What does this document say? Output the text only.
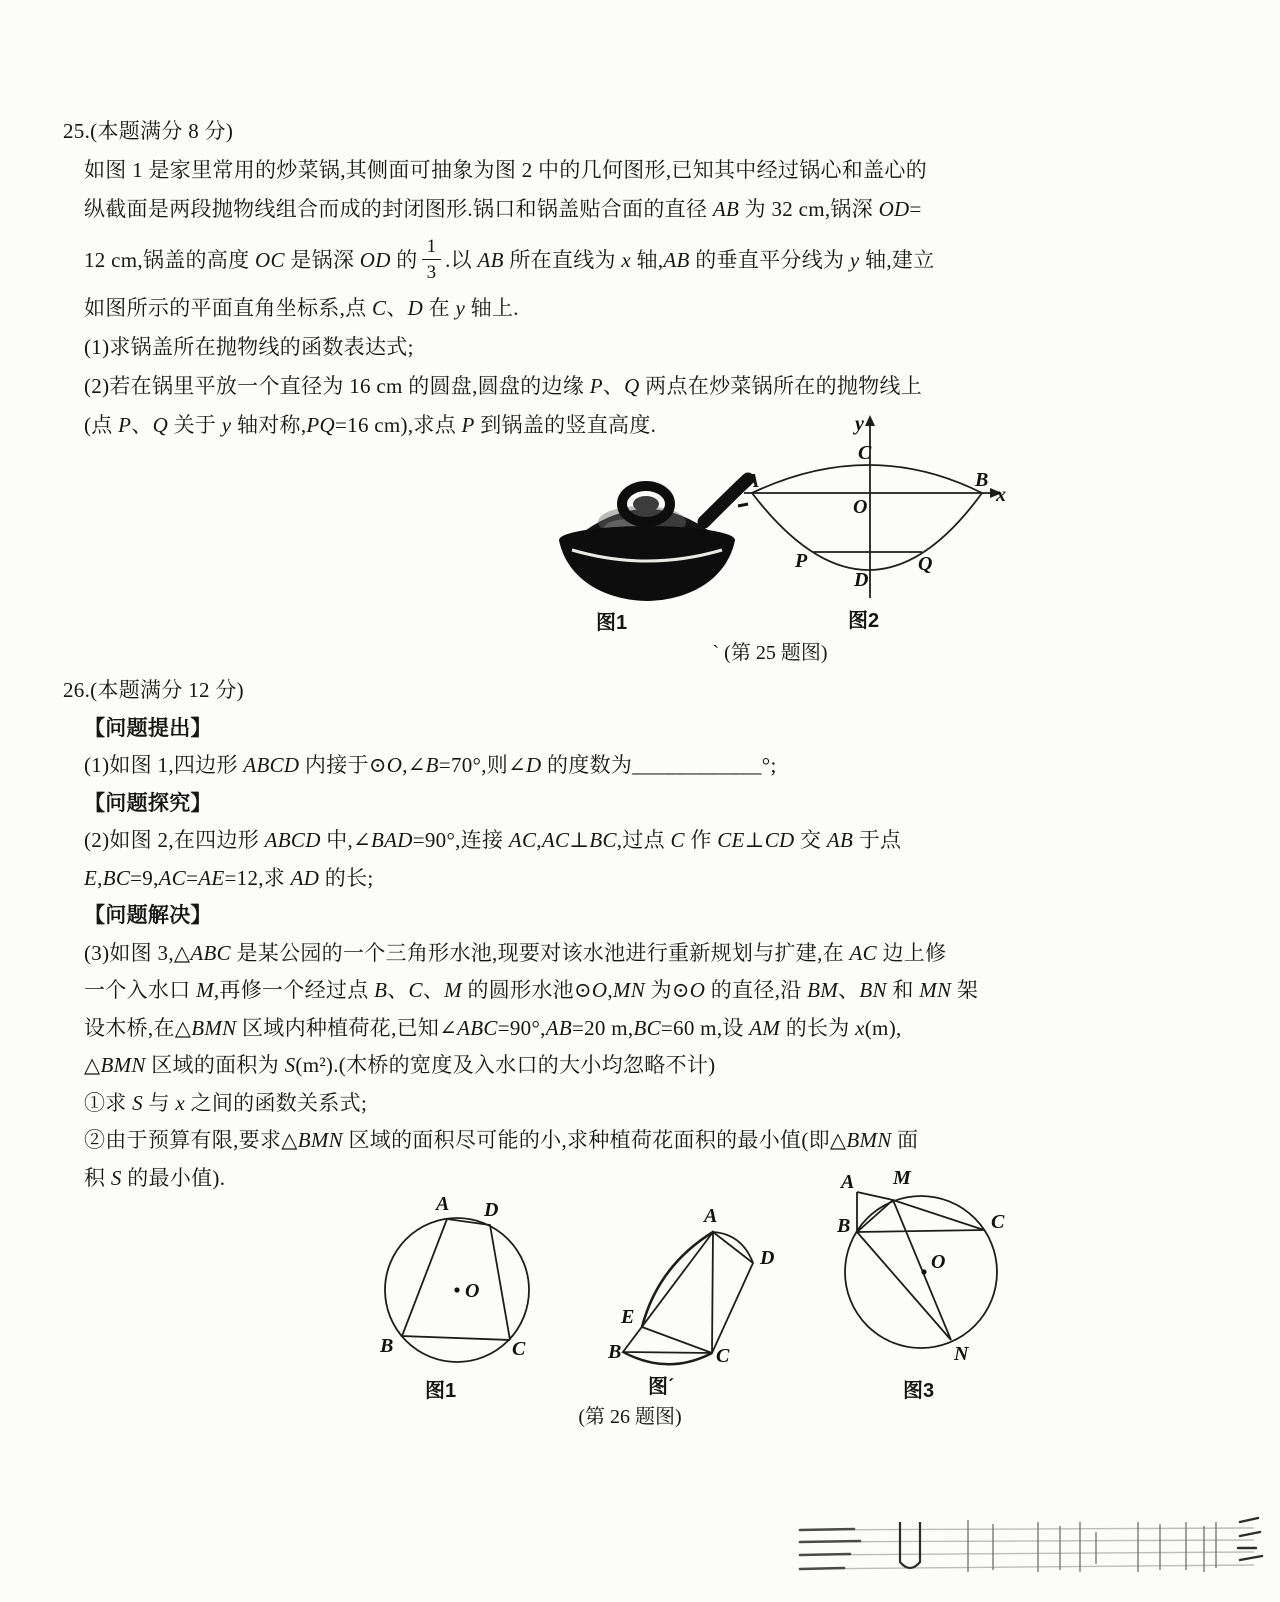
25.(本题满分 8 分)
如图 1 是家里常用的炒菜锅,其侧面可抽象为图 2 中的几何图形,已知其中经过锅心和盖心的
纵截面是两段抛物线组合而成的封闭图形.锅口和锅盖贴合面的直径 AB 为 32 cm,锅深 OD=
12 cm,锅盖的高度 OC 是锅深 OD 的 $\frac{1}{3}$ .以 AB 所在直线为 x 轴,AB 的垂直平分线为 y 轴,建立
如图所示的平面直角坐标系,点 C、D 在 y 轴上.
(1)求锅盖所在抛物线的函数表达式;
(2)若在锅里平放一个直径为 16 cm 的圆盘,圆盘的边缘 P、Q 两点在炒菜锅所在的抛物线上
(点 P、Q 关于 y 轴对称,PQ=16 cm),求点 P 到锅盖的竖直高度.	y
x
C
A	B
O
P	Q
D
图1	图2
` (第 25 题图)
26.(本题满分 12 分)
【问题提出】
(1)如图 1,四边形 ABCD 内接于⊙O,∠B=70°,则∠D 的度数为____________°;
【问题探究】
(2)如图 2,在四边形 ABCD 中,∠BAD=90°,连接 AC,AC⊥BC,过点 C 作 CE⊥CD 交 AB 于点
E,BC=9,AC=AE=12,求 AD 的长;
【问题解决】
(3)如图 3,△ABC 是某公园的一个三角形水池,现要对该水池进行重新规划与扩建,在 AC 边上修
一个入水口 M,再修一个经过点 B、C、M 的圆形水池⊙O,MN 为⊙O 的直径,沿 BM、BN 和 MN 架
设木桥,在△BMN 区域内种植荷花,已知∠ABC=90°,AB=20 m,BC=60 m,设 AM 的长为 x(m),
△BMN 区域的面积为 S(m²).(木桥的宽度及入水口的大小均忽略不计)
①求 S 与 x 之间的函数关系式;
②由于预算有限,要求△BMN 区域的面积尽可能的小,求种植荷花面积的最小值(即△BMN 面
积 S 的最小值).
O
A D
B	C
A
D
E
B	C
O
A M
B	C
N
图1	图ˊ	图3
(第 26 题图)
